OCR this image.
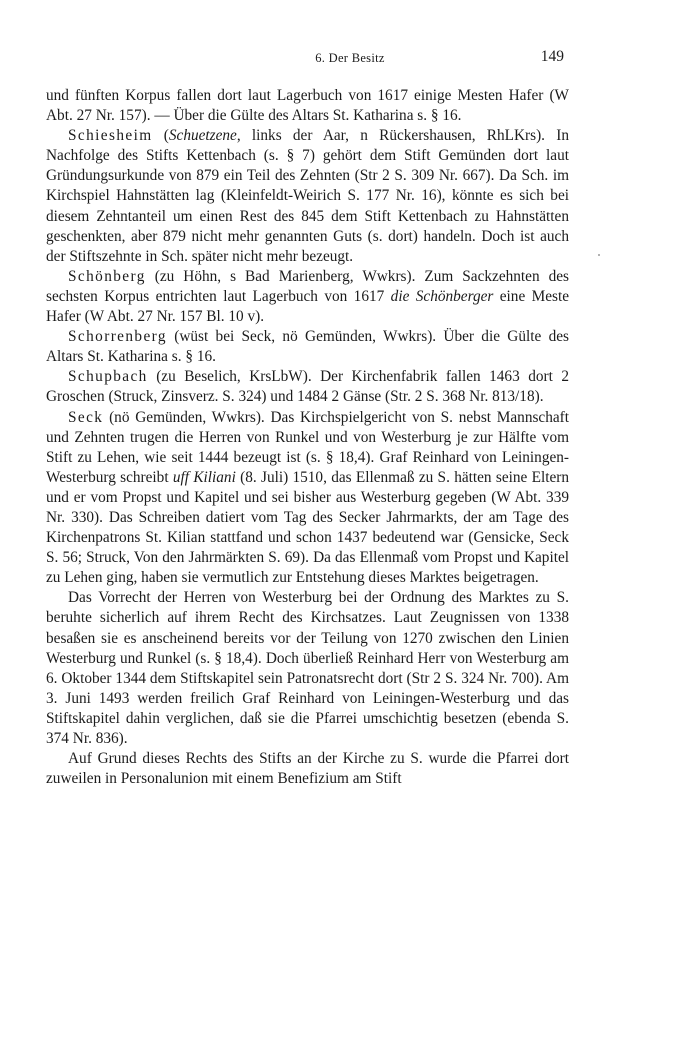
6. Der Besitz	149

und fünften Korpus fallen dort laut Lagerbuch von 1617 einige Mesten Hafer (W Abt. 27 Nr. 157). — Über die Gülte des Altars St. Katharina s. § 16.

Schiesheim (Schuetzene, links der Aar, n Rückershausen, RhLKrs). In Nachfolge des Stifts Kettenbach (s. § 7) gehört dem Stift Gemünden dort laut Gründungsurkunde von 879 ein Teil des Zehnten (Str 2 S. 309 Nr. 667). Da Sch. im Kirchspiel Hahnstätten lag (Kleinfeldt-Weirich S. 177 Nr. 16), könnte es sich bei diesem Zehntanteil um einen Rest des 845 dem Stift Kettenbach zu Hahnstätten geschenkten, aber 879 nicht mehr genannten Guts (s. dort) handeln. Doch ist auch der Stiftszehnte in Sch. später nicht mehr bezeugt.

Schönberg (zu Höhn, s Bad Marienberg, Wwkrs). Zum Sackzehnten des sechsten Korpus entrichten laut Lagerbuch von 1617 die Schönberger eine Meste Hafer (W Abt. 27 Nr. 157 Bl. 10 v).

Schorrenberg (wüst bei Seck, nö Gemünden, Wwkrs). Über die Gülte des Altars St. Katharina s. § 16.

Schupbach (zu Beselich, KrsLbW). Der Kirchenfabrik fallen 1463 dort 2 Groschen (Struck, Zinsverz. S. 324) und 1484 2 Gänse (Str. 2 S. 368 Nr. 813/18).

Seck (nö Gemünden, Wwkrs). Das Kirchspielgericht von S. nebst Mannschaft und Zehnten trugen die Herren von Runkel und von Westerburg je zur Hälfte vom Stift zu Lehen, wie seit 1444 bezeugt ist (s. § 18,4). Graf Reinhard von Leiningen-Westerburg schreibt uff Kiliani (8. Juli) 1510, das Ellenmaß zu S. hätten seine Eltern und er vom Propst und Kapitel und sei bisher aus Westerburg gegeben (W Abt. 339 Nr. 330). Das Schreiben datiert vom Tag des Secker Jahrmarkts, der am Tage des Kirchenpatrons St. Kilian stattfand und schon 1437 bedeutend war (Gensicke, Seck S. 56; Struck, Von den Jahrmärkten S. 69). Da das Ellenmaß vom Propst und Kapitel zu Lehen ging, haben sie vermutlich zur Entstehung dieses Marktes beigetragen.

Das Vorrecht der Herren von Westerburg bei der Ordnung des Marktes zu S. beruhte sicherlich auf ihrem Recht des Kirchsatzes. Laut Zeugnissen von 1338 besaßen sie es anscheinend bereits vor der Teilung von 1270 zwischen den Linien Westerburg und Runkel (s. § 18,4). Doch überließ Reinhard Herr von Westerburg am 6. Oktober 1344 dem Stiftskapitel sein Patronatsrecht dort (Str 2 S. 324 Nr. 700). Am 3. Juni 1493 werden freilich Graf Reinhard von Leiningen-Westerburg und das Stiftskapitel dahin verglichen, daß sie die Pfarrei umschichtig besetzen (ebenda S. 374 Nr. 836).

Auf Grund dieses Rechts des Stifts an der Kirche zu S. wurde die Pfarrei dort zuweilen in Personalunion mit einem Benefizium am Stift
